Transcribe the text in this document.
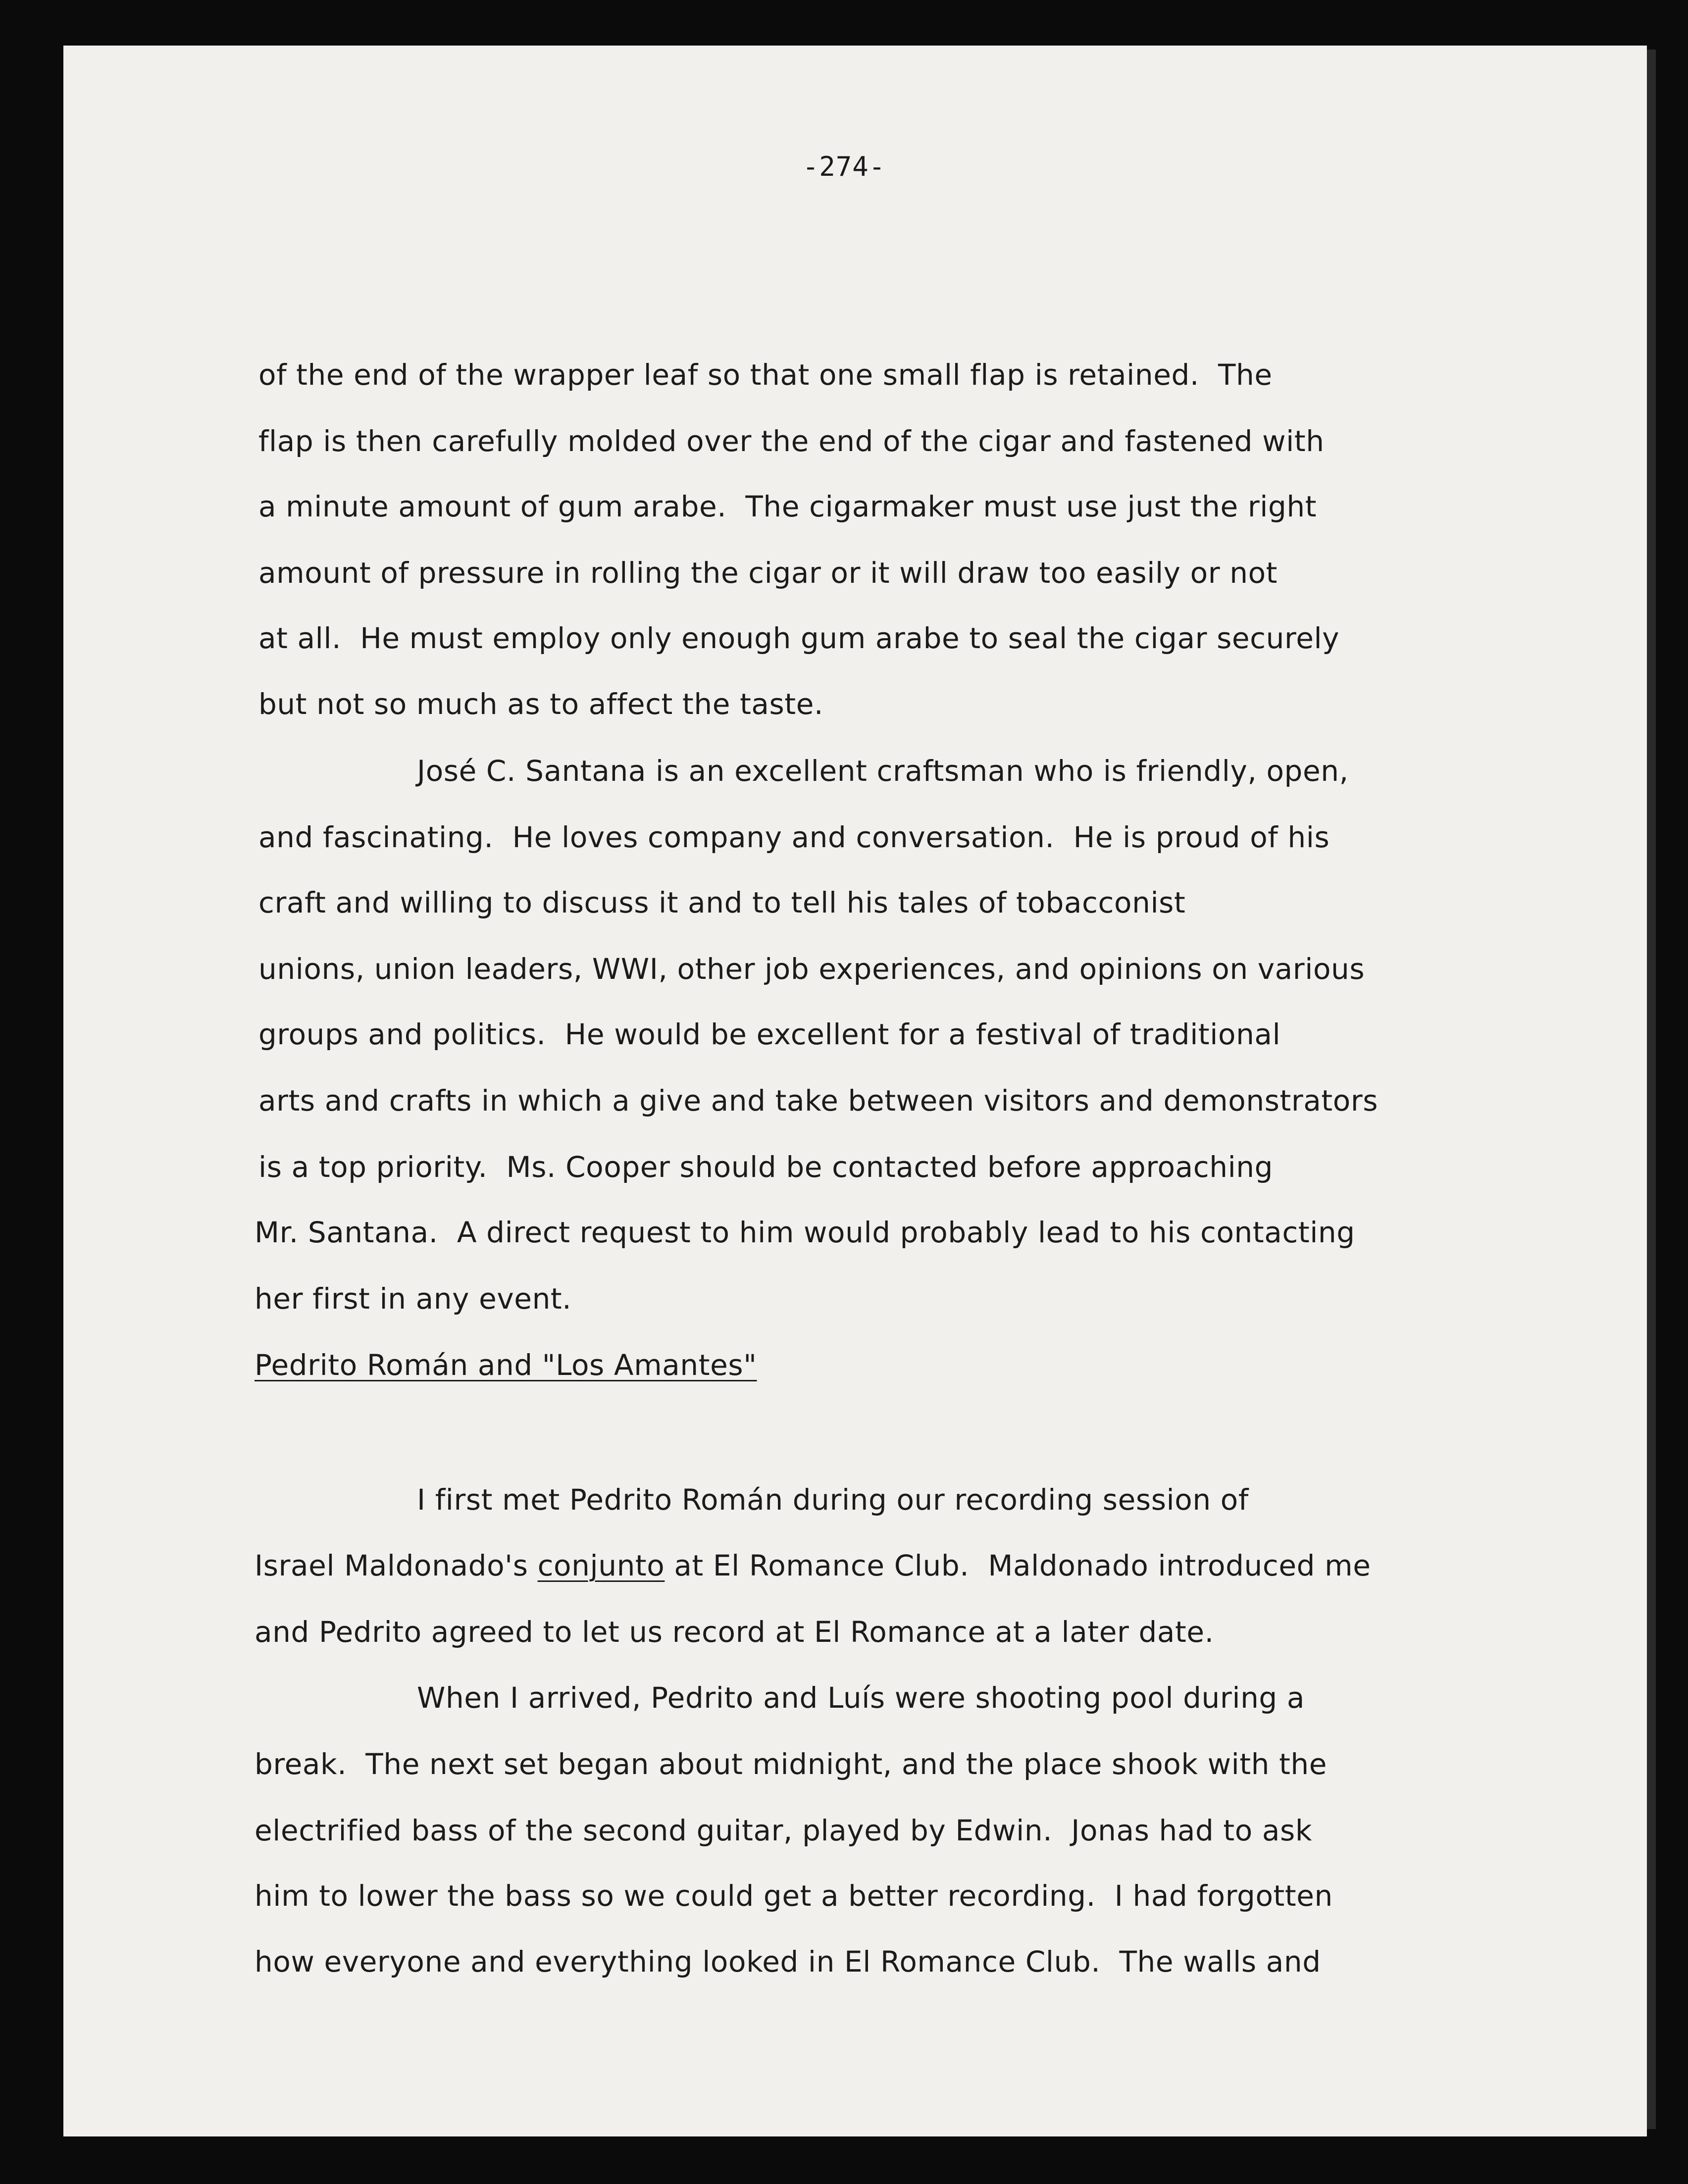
-274-
of the end of the wrapper leaf so that one small flap is retained.  The
flap is then carefully molded over the end of the cigar and fastened with
a minute amount of gum arabe.  The cigarmaker must use just the right
amount of pressure in rolling the cigar or it will draw too easily or not
at all.  He must employ only enough gum arabe to seal the cigar securely
but not so much as to affect the taste.
José C. Santana is an excellent craftsman who is friendly, open,
and fascinating.  He loves company and conversation.  He is proud of his
craft and willing to discuss it and to tell his tales of tobacconist
unions, union leaders, WWI, other job experiences, and opinions on various
groups and politics.  He would be excellent for a festival of traditional
arts and crafts in which a give and take between visitors and demonstrators
is a top priority.  Ms. Cooper should be contacted before approaching
Mr. Santana.  A direct request to him would probably lead to his contacting
her first in any event.
Pedrito Román and "Los Amantes"
I first met Pedrito Román during our recording session of
Israel Maldonado's conjunto at El Romance Club.  Maldonado introduced me
and Pedrito agreed to let us record at El Romance at a later date.
When I arrived, Pedrito and Luís were shooting pool during a
break.  The next set began about midnight, and the place shook with the
electrified bass of the second guitar, played by Edwin.  Jonas had to ask
him to lower the bass so we could get a better recording.  I had forgotten
how everyone and everything looked in El Romance Club.  The walls and
